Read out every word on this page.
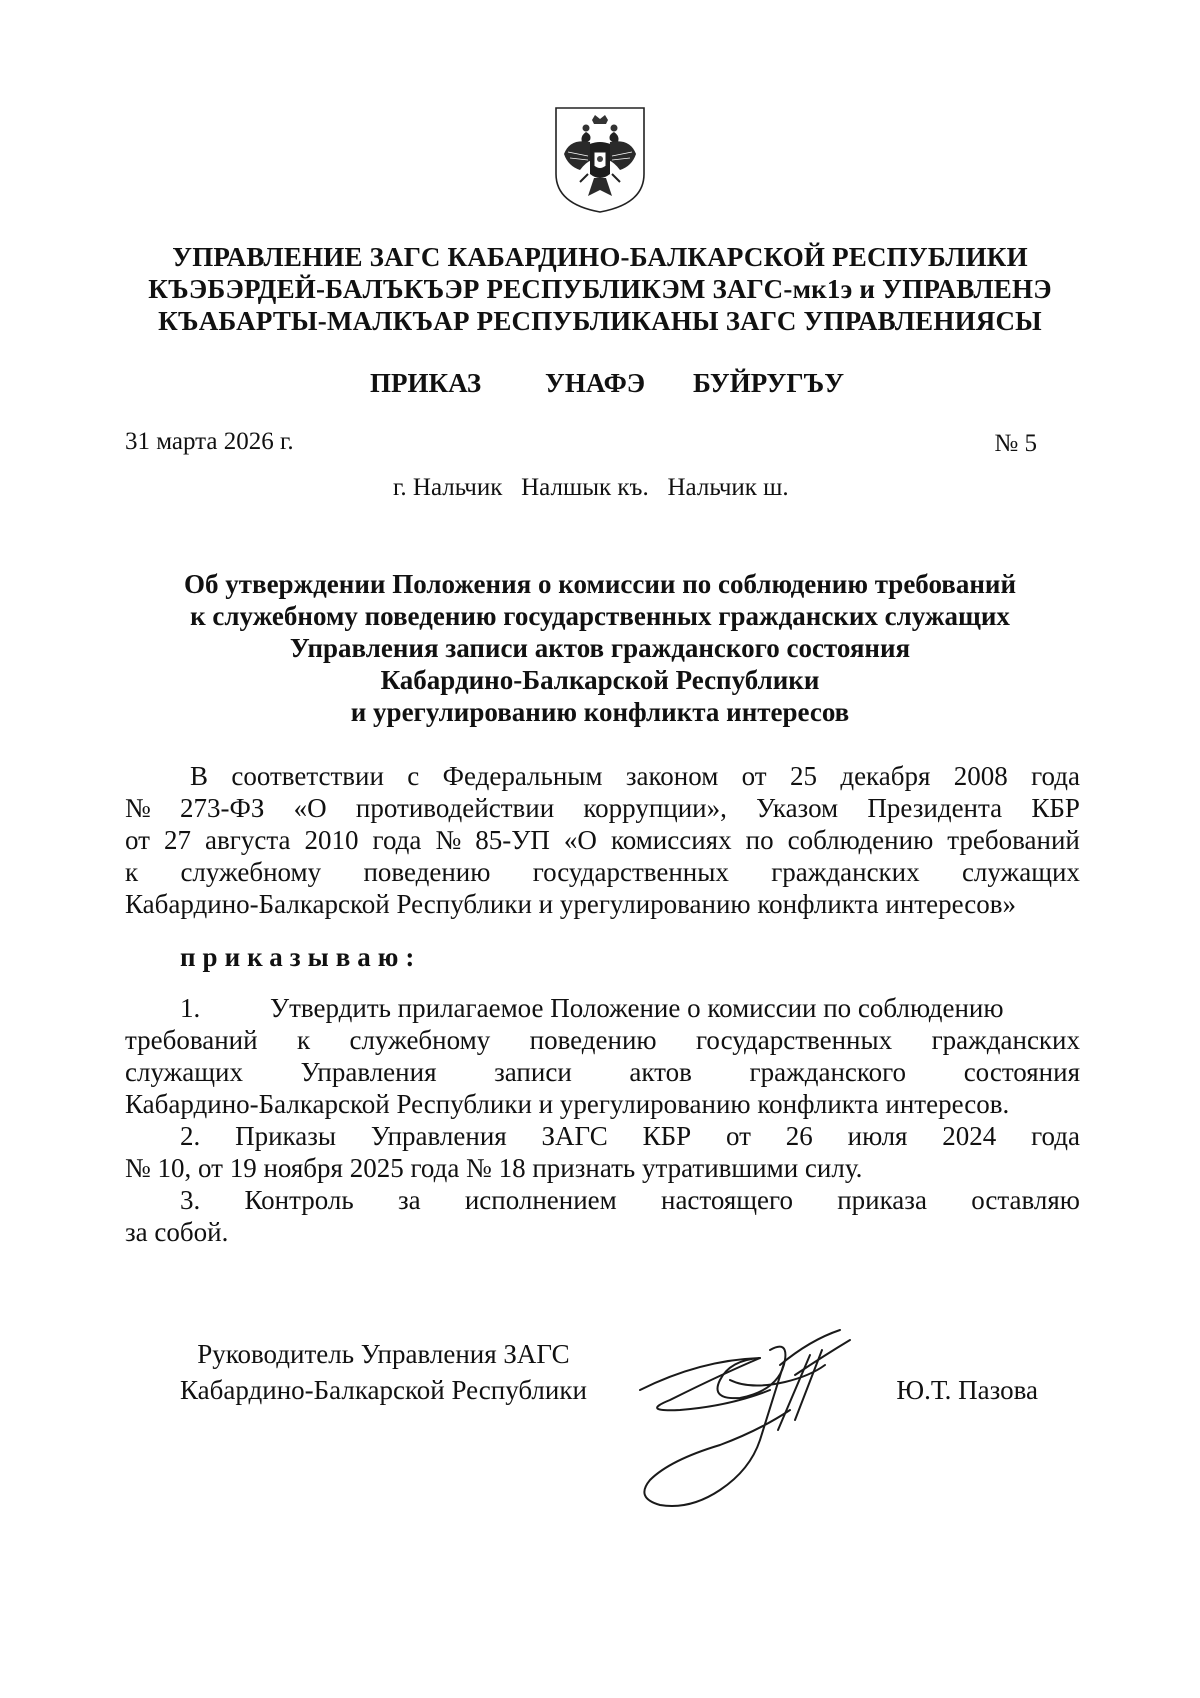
УПРАВЛЕНИЕ ЗАГС КАБАРДИНО-БАЛКАРСКОЙ РЕСПУБЛИКИ
КЪЭБЭРДЕЙ-БАЛЪКЪЭР РЕСПУБЛИКЭМ ЗАГС-мк1э и УПРАВЛЕНЭ
КЪАБАРТЫ-МАЛКЪАР РЕСПУБЛИКАНЫ ЗАГС УПРАВЛЕНИЯСЫ
ПРИКАЗ УНАФЭ БУЙРУГЪУ
31 марта 2026 г.	№ 5
г. Нальчик   Налшык къ.   Нальчик ш.
Об утверждении Положения о комиссии по соблюдению требований
к служебному поведению государственных гражданских служащих
Управления записи актов гражданского состояния
Кабардино-Балкарской Республики
и урегулированию конфликта интересов
В соответствии с Федеральным законом от 25 декабря 2008 года
№ 273-ФЗ «О противодействии коррупции», Указом Президента КБР
от 27 августа 2010 года № 85-УП «О комиссиях по соблюдению требований
к служебному поведению государственных гражданских служащих
Кабардино-Балкарской Республики и урегулированию конфликта интересов»
приказываю:
1.	Утвердить прилагаемое Положение о комиссии по соблюдению
требований к служебному поведению государственных гражданских
служащих Управления записи актов гражданского состояния
Кабардино-Балкарской Республики и урегулированию конфликта интересов.
2. Приказы Управления ЗАГС КБР от 26 июля 2024 года
№ 10, от 19 ноября 2025 года № 18 признать утратившими силу.
3. Контроль за исполнением настоящего приказа оставляю
за собой.
Руководитель Управления ЗАГС
Кабардино-Балкарской Республики	Ю.Т. Пазова
